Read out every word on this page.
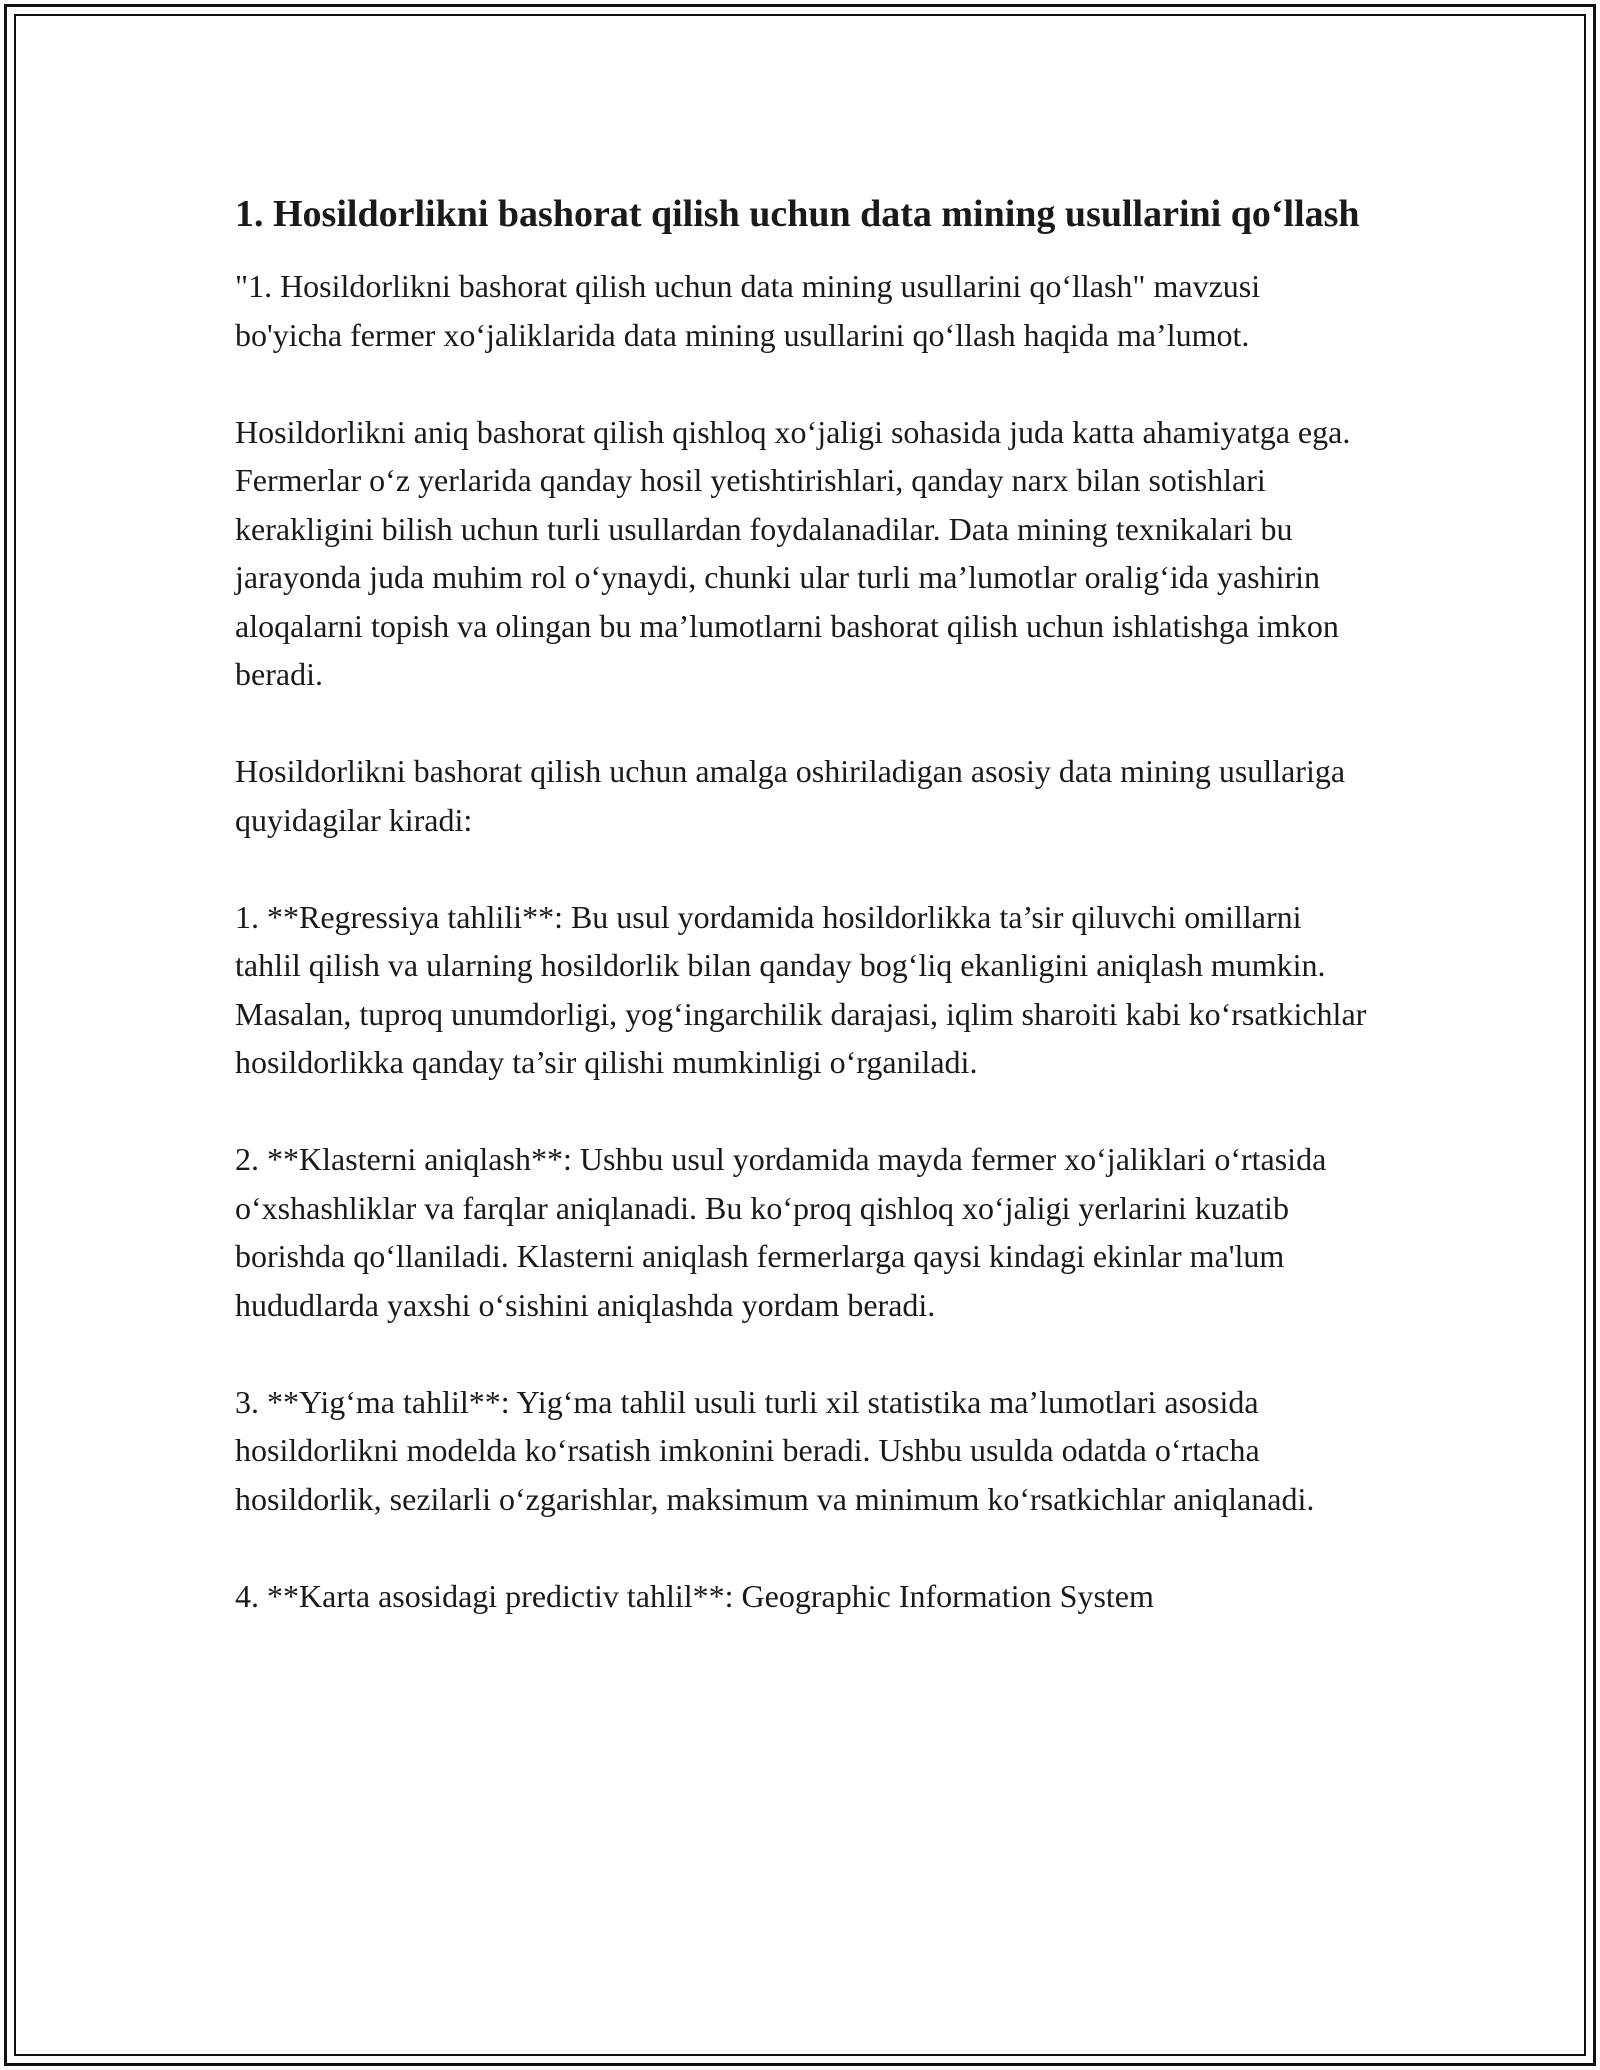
1. Hosildorlikni bashorat qilish uchun data mining usullarini qo‘llash

"1. Hosildorlikni bashorat qilish uchun data mining usullarini qo‘llash" mavzusi bo'yicha fermer xo‘jaliklarida data mining usullarini qo‘llash haqida ma’lumot.

Hosildorlikni aniq bashorat qilish qishloq xo‘jaligi sohasida juda katta ahamiyatga ega. Fermerlar o‘z yerlarida qanday hosil yetishtirishlari, qanday narx bilan sotishlari kerakligini bilish uchun turli usullardan foydalanadilar. Data mining texnikalari bu jarayonda juda muhim rol o‘ynaydi, chunki ular turli ma’lumotlar oralig‘ida yashirin aloqalarni topish va olingan bu ma’lumotlarni bashorat qilish uchun ishlatishga imkon beradi.

Hosildorlikni bashorat qilish uchun amalga oshiriladigan asosiy data mining usullariga quyidagilar kiradi:

1. **Regressiya tahlili**: Bu usul yordamida hosildorlikka ta’sir qiluvchi omillarni tahlil qilish va ularning hosildorlik bilan qanday bog‘liq ekanligini aniqlash mumkin. Masalan, tuproq unumdorligi, yog‘ingarchilik darajasi, iqlim sharoiti kabi ko‘rsatkichlar hosildorlikka qanday ta’sir qilishi mumkinligi o‘rganiladi.

2. **Klasterni aniqlash**: Ushbu usul yordamida mayda fermer xo‘jaliklari o‘rtasida o‘xshashliklar va farqlar aniqlanadi. Bu ko‘proq qishloq xo‘jaligi yerlarini kuzatib borishda qo‘llaniladi. Klasterni aniqlash fermerlarga qaysi kindagi ekinlar ma'lum hududlarda yaxshi o‘sishini aniqlashda yordam beradi.

3. **Yig‘ma tahlil**: Yig‘ma tahlil usuli turli xil statistika ma’lumotlari asosida hosildorlikni modelda ko‘rsatish imkonini beradi. Ushbu usulda odatda o‘rtacha hosildorlik, sezilarli o‘zgarishlar, maksimum va minimum ko‘rsatkichlar aniqlanadi.

4. **Karta asosidagi predictiv tahlil**: Geographic Information System
